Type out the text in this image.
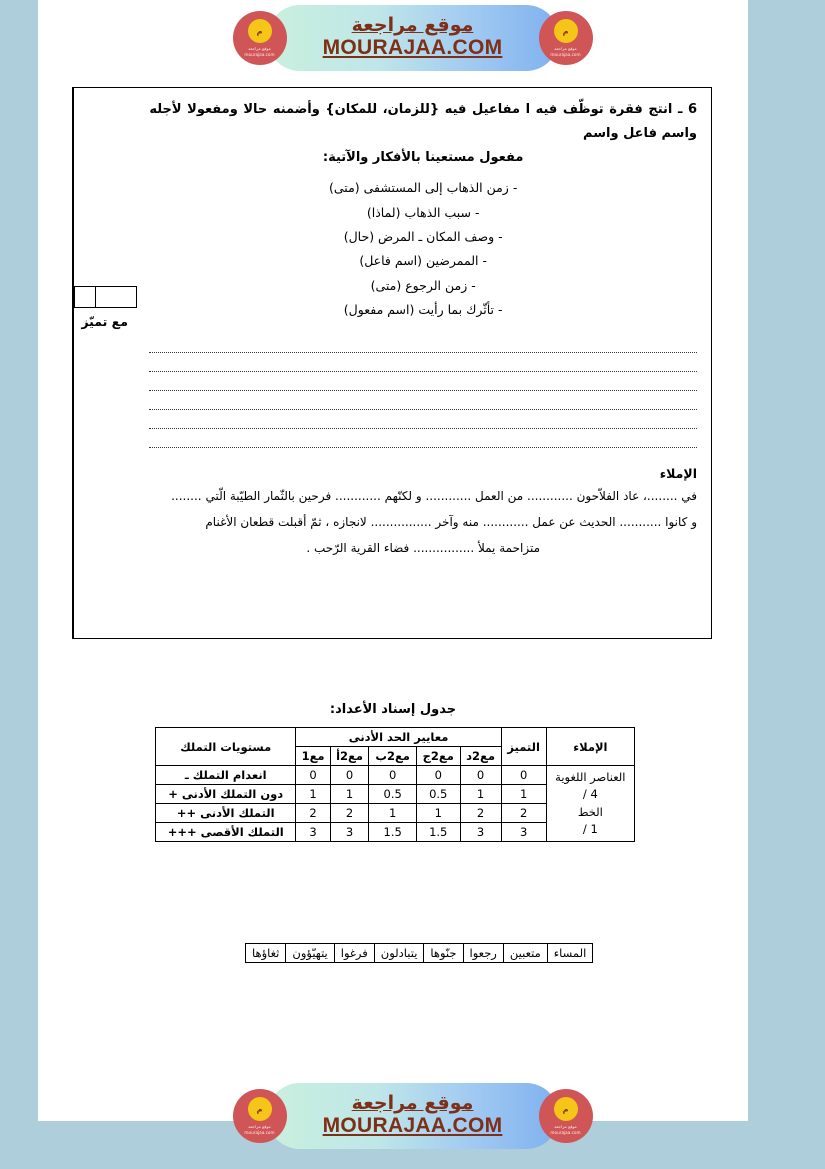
6 ـ انتج فقرة توظّف فيه ا مفاعيل فيه {للزمان، للمكان} وأضمنه حالا ومفعولا لأجله واسم فاعل واسم
مفعول مستعينا بالأفكار والآتية:
- زمن الذهاب إلى المستشفى (متى)
- سبب الذهاب (لماذا)
- وصف المكان ـ المرض (حال)
- الممرضين (اسم فاعل)
- زمن الرجوع (متى)
- تأثّرك بما رأيت (اسم مفعول)
الإملاء

في ........، عاد الفلاّحون ............ من العمل ............ و لكنّهم ............ فرحين بالثّمار الطيّبة الّتي ........

و كانوا ........... الحديث عن عمل ............ منه وآخر ................ لانجازه ، ثمّ أقبلت قطعان الأغنام

متزاحمة يملأ ................ فضاء القرية الرّحب .

مع تميّز
جدول إسناد الأعداد:
الإملاء	التميز	معايير الحد الأدنى					مستويات التملك
		مع2د	مع2ج	مع2ب	مع2أ	مع1	

العناصر اللغوية
4 /
الخط
1 /	0	0	0	0	0	0	انعدام التملك ـ
	1	1	0.5	0.5	1	1	دون التملك الأدنى +
	2	2	1	1	2	2	التملك الأدنى ++
	3	3	1.5	1.5	3	3	التملك الأقصى +++
المساء	متعبين	رجعوا	جنّوها	يتبادلون	فرغوا	يتهيّؤون	ثغاؤها
م
موقع مراجعة
mourajaa.com
موقع مراجعة
MOURAJAA.COM
م
موقع مراجعة
mourajaa.com
م
موقع مراجعة
mourajaa.com
موقع مراجعة
MOURAJAA.COM
م
موقع مراجعة
mourajaa.com
